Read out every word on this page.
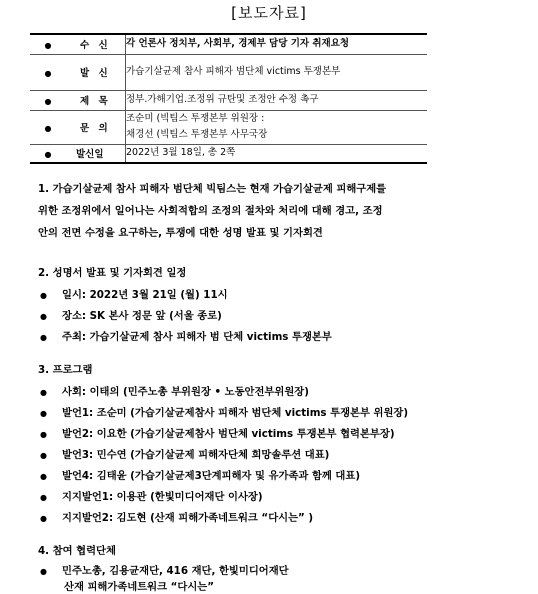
[보도자료]
● 수 신	각 언론사 정치부, 사회부, 경제부 담당 기자 취재요청

● 발 신	가습기살균제 참사 피해자 범단체 victims 투쟁본부

● 제 목	정부.가해기업.조정위 규탄및 조정안 수정 촉구

● 문 의	조순미 (빅팀스 투쟁본부 위원장 :
채경선 (빅팀스 투쟁본부 사무국장

● 발신일	2022년 3월 18일, 총 2쪽
1. 가습기살균제 참사 피해자 범단체 빅팀스는 현재 가습기살균제 피해구제를
위한 조정위에서 일어나는 사회적합의 조정의 절차와 처리에 대해 경고, 조정
안의 전면 수정을 요구하는, 투쟁에 대한 성명 발표 및 기자회견
2. 성명서 발표 및 기자회견 일정
● 일시: 2022년 3월 21일 (월) 11시
● 장소: SK 본사 정문 앞 (서울 종로)
● 주최: 가습기살균제 참사 피해자 범 단체 victims 투쟁본부
3. 프로그램
● 사회: 이태의 (민주노총 부위원장 • 노동안전부위원장)
● 발언1: 조순미 (가습기살균제참사 피해자 범단체 victims 투쟁본부 위원장)
● 발언2: 이요한 (가습기살균제참사 범단체 victims 투쟁본부 협력본부장)
● 발언3: 민수연 (가습기살균제 피해자단체 희망솔루션 대표)
● 발언4: 김태윤 (가습기살균제3단계피해자 및 유가족과 함께 대표)
● 지지발언1: 이용관 (한빛미디어재단 이사장)
● 지지발언2: 김도현 (산재 피해가족네트워크 “다시는” )
4. 참여 협력단체
● 민주노총, 김용균재단, 416 재단, 한빛미디어재단
산재 피해가족네트워크 “다시는”
